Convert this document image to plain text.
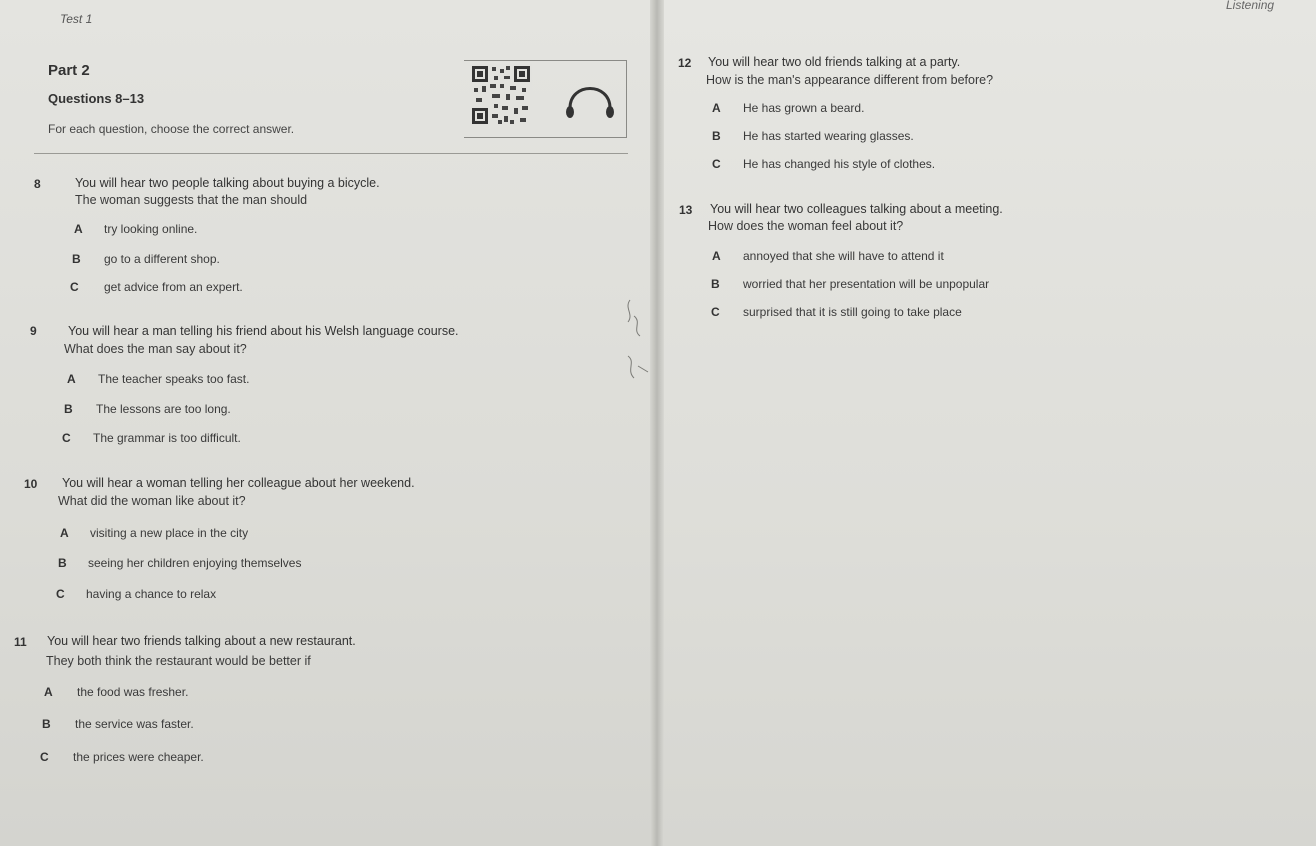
Test 1
Listening
Part 2
Questions 8–13
For each question, choose the correct answer.
8	You will hear two people talking about buying a bicycle.
The woman suggests that the man should
A try looking online.
B go to a different shop.
C get advice from an expert.
9	You will hear a man telling his friend about his Welsh language course.
What does the man say about it?
A The teacher speaks too fast.
B The lessons are too long.
C The grammar is too difficult.
10 You will hear a woman telling her colleague about her weekend.
What did the woman like about it?
A visiting a new place in the city
B seeing her children enjoying themselves
C having a chance to relax
11 You will hear two friends talking about a new restaurant.
They both think the restaurant would be better if
A the food was fresher.
B the service was faster.
C the prices were cheaper.
12 You will hear two old friends talking at a party.
How is the man's appearance different from before?
A He has grown a beard.
B He has started wearing glasses.
C He has changed his style of clothes.
13 You will hear two colleagues talking about a meeting.
How does the woman feel about it?
A annoyed that she will have to attend it
B worried that her presentation will be unpopular
C surprised that it is still going to take place
